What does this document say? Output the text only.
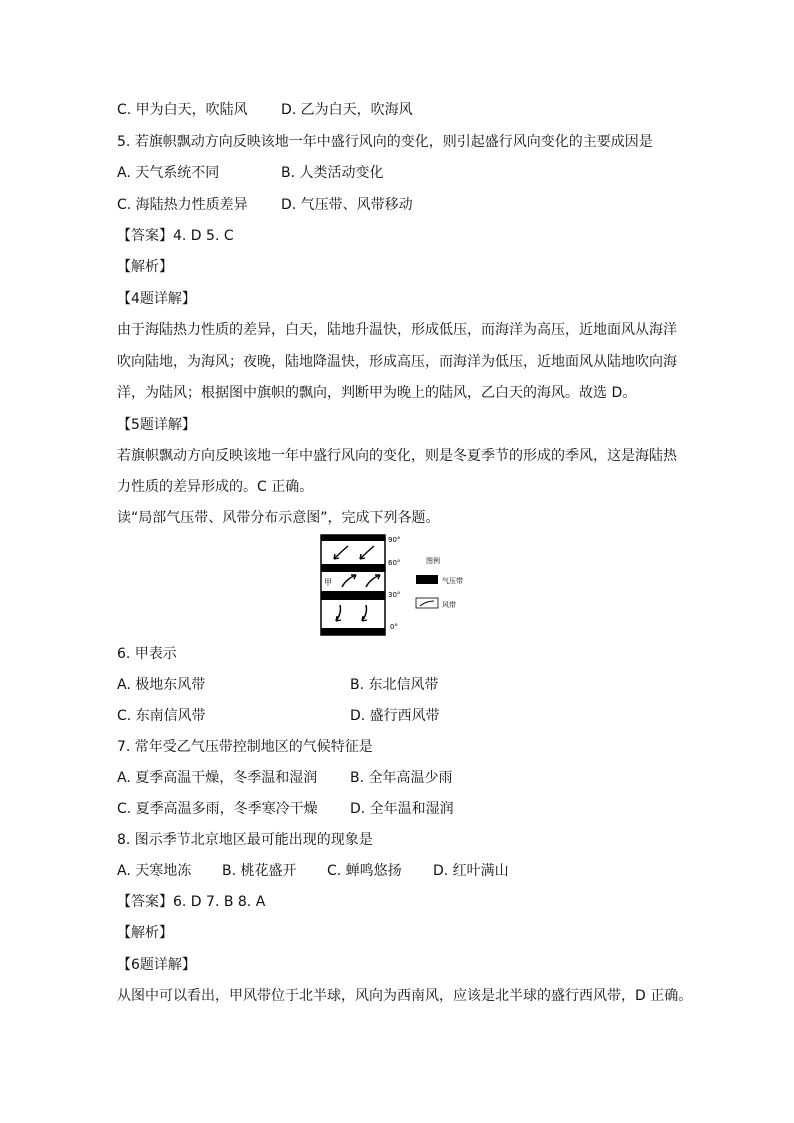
C. 甲为白天，吹陆风 D. 乙为白天，吹海风
5. 若旗帜飘动方向反映该地一年中盛行风向的变化，则引起盛行风向变化的主要成因是
A. 天气系统不同	B. 人类活动变化
C. 海陆热力性质差异 D. 气压带、风带移动
【答案】4. D 5. C
【解析】
【4题详解】
由于海陆热力性质的差异，白天，陆地升温快，形成低压，而海洋为高压，近地面风从海洋
吹向陆地，为海风；夜晚，陆地降温快，形成高压，而海洋为低压，近地面风从陆地吹向海
洋，为陆风；根据图中旗帜的飘向，判断甲为晚上的陆风，乙白天的海风。故选 D。
【5题详解】
若旗帜飘动方向反映该地一年中盛行风向的变化，则是冬夏季节的形成的季风，这是海陆热
力性质的差异形成的。C 正确。
读“局部气压带、风带分布示意图”，完成下列各题。
甲
90°
60°
30°
0°
图例
气压带
风带
6. 甲表示
A. 极地东风带	B. 东北信风带
C. 东南信风带	D. 盛行西风带
7. 常年受乙气压带控制地区的气候特征是
A. 夏季高温干燥，冬季温和湿润 B. 全年高温少雨
C. 夏季高温多雨，冬季寒冷干燥 D. 全年温和湿润
8. 图示季节北京地区最可能出现的现象是
A. 天寒地冻 B. 桃花盛开 C. 蝉鸣悠扬 D. 红叶满山
【答案】6. D 7. B 8. A
【解析】
【6题详解】
从图中可以看出，甲风带位于北半球，风向为西南风，应该是北半球的盛行西风带，D 正确。
